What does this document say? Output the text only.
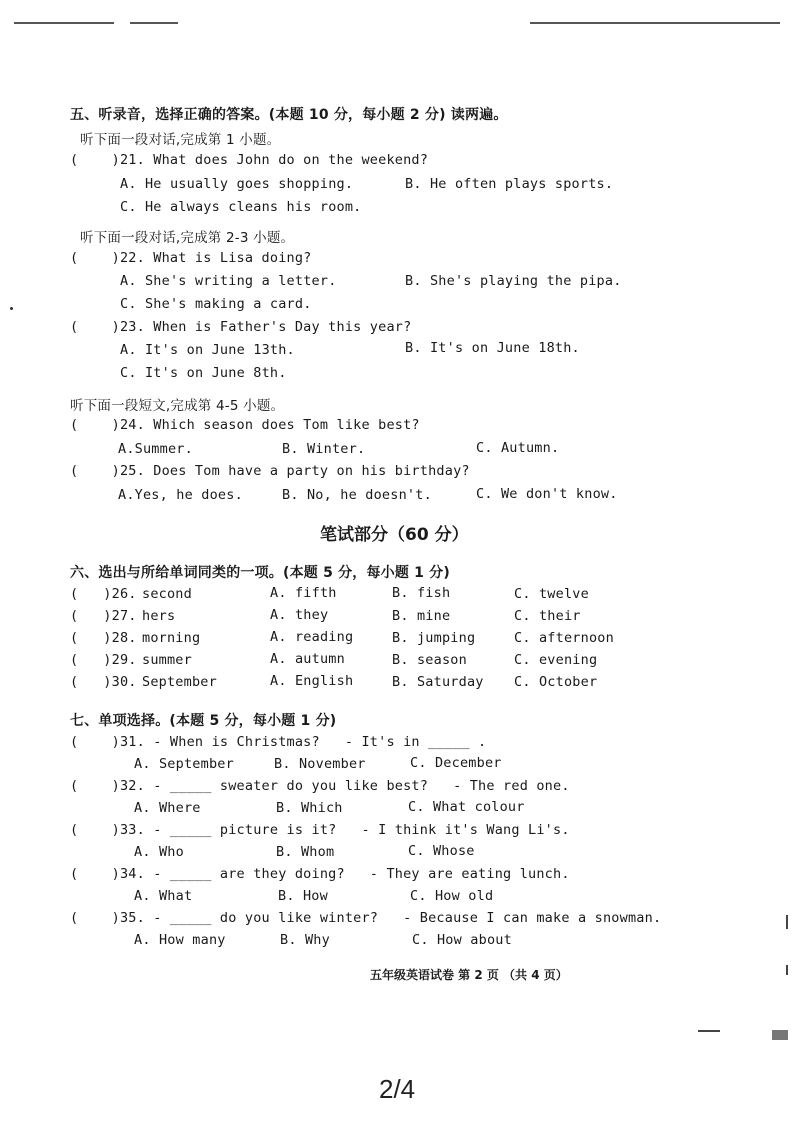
五、听录音，选择正确的答案。(本题 10 分，每小题 2 分) 读两遍。
听下面一段对话,完成第 1 小题。
(    )21. What does John do on the weekend?
A. He usually goes shopping.	B. He often plays sports.
C. He always cleans his room.
听下面一段对话,完成第 2-3 小题。
(    )22. What is Lisa doing?
A. She's writing a letter.	B. She's playing the pipa.
C. She's making a card.
(    )23. When is Father's Day this year?
A. It's on June 13th.	B. It's on June 18th.
C. It's on June 8th.
听下面一段短文,完成第 4-5 小题。
(    )24. Which season does Tom like best?
A.Summer.	B. Winter.	C. Autumn.
(    )25. Does Tom have a party on his birthday?
A.Yes, he does.	B. No, he doesn't.	C. We don't know.
笔试部分（60 分）
六、选出与所给单词同类的一项。(本题 5 分，每小题 1 分)
(   )26. second	A. fifth	B. fish	C. twelve
(   )27. hers	A. they	B. mine	C. their
(   )28. morning	A. reading	B. jumping	C. afternoon
(   )29. summer	A. autumn	B. season	C. evening
(   )30. September	A. English	B. Saturday C. October
七、单项选择。(本题 5 分，每小题 1 分)
(    )31. - When is Christmas?   - It's in _____ .
A. September	B. November	C. December
(    )32. - _____ sweater do you like best?   - The red one.
A. Where	B. Which	C. What colour
(    )33. - _____ picture is it?   - I think it's Wang Li's.
A. Who	B. Whom	C. Whose
(    )34. - _____ are they doing?   - They are eating lunch.
A. What	B. How	C. How old
(    )35. - _____ do you like winter?   - Because I can make a snowman.
A. How many	B. Why	C. How about
五年级英语试卷 第 2 页 （共 4 页）
2/4
